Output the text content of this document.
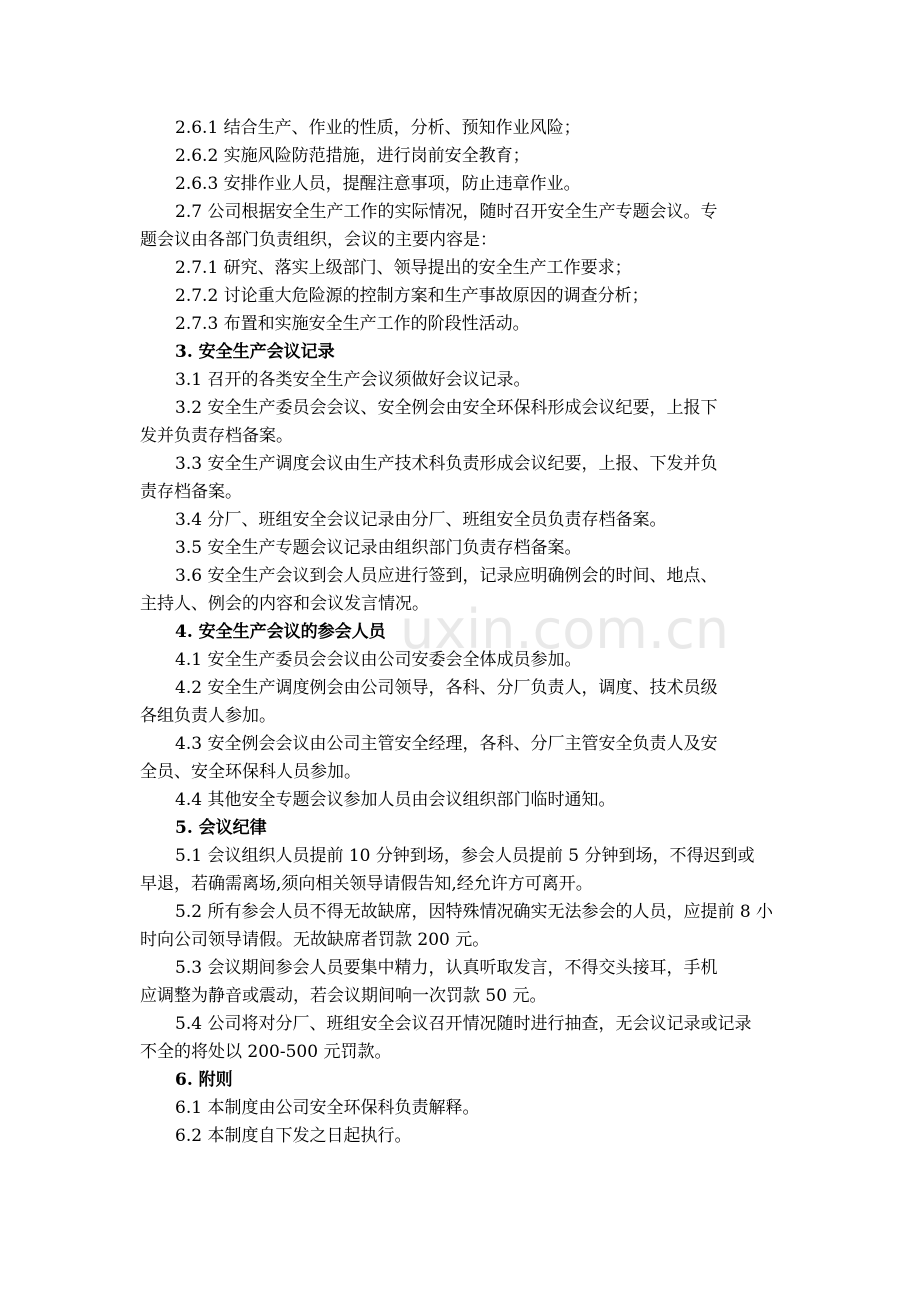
2.6.1 结合生产、作业的性质，分析、预知作业风险；
2.6.2 实施风险防范措施，进行岗前安全教育；
2.6.3 安排作业人员，提醒注意事项，防止违章作业。
2.7 公司根据安全生产工作的实际情况，随时召开安全生产专题会议。专
题会议由各部门负责组织，会议的主要内容是：
2.7.1 研究、落实上级部门、领导提出的安全生产工作要求；
2.7.2 讨论重大危险源的控制方案和生产事故原因的调查分析；
2.7.3 布置和实施安全生产工作的阶段性活动。
3. 安全生产会议记录
3.1 召开的各类安全生产会议须做好会议记录。
3.2 安全生产委员会会议、安全例会由安全环保科形成会议纪要，上报下
发并负责存档备案。
3.3 安全生产调度会议由生产技术科负责形成会议纪要，上报、下发并负
责存档备案。
3.4 分厂、班组安全会议记录由分厂、班组安全员负责存档备案。
3.5 安全生产专题会议记录由组织部门负责存档备案。
3.6 安全生产会议到会人员应进行签到，记录应明确例会的时间、地点、
主持人、例会的内容和会议发言情况。
4. 安全生产会议的参会人员
4.1 安全生产委员会会议由公司安委会全体成员参加。
4.2 安全生产调度例会由公司领导，各科、分厂负责人，调度、技术员级
各组负责人参加。
4.3 安全例会会议由公司主管安全经理，各科、分厂主管安全负责人及安
全员、安全环保科人员参加。
4.4 其他安全专题会议参加人员由会议组织部门临时通知。
5. 会议纪律
5.1 会议组织人员提前 10 分钟到场，参会人员提前 5 分钟到场，不得迟到或
早退，若确需离场,须向相关领导请假告知,经允许方可离开。
5.2 所有参会人员不得无故缺席，因特殊情况确实无法参会的人员，应提前 8 小
时向公司领导请假。无故缺席者罚款 200 元。
5.3 会议期间参会人员要集中精力，认真听取发言，不得交头接耳，手机
应调整为静音或震动，若会议期间响一次罚款 50 元。
5.4 公司将对分厂、班组安全会议召开情况随时进行抽查，无会议记录或记录
不全的将处以 200-500 元罚款。
6. 附则
6.1 本制度由公司安全环保科负责解释。
6.2 本制度自下发之日起执行。
uxin.com.cn
